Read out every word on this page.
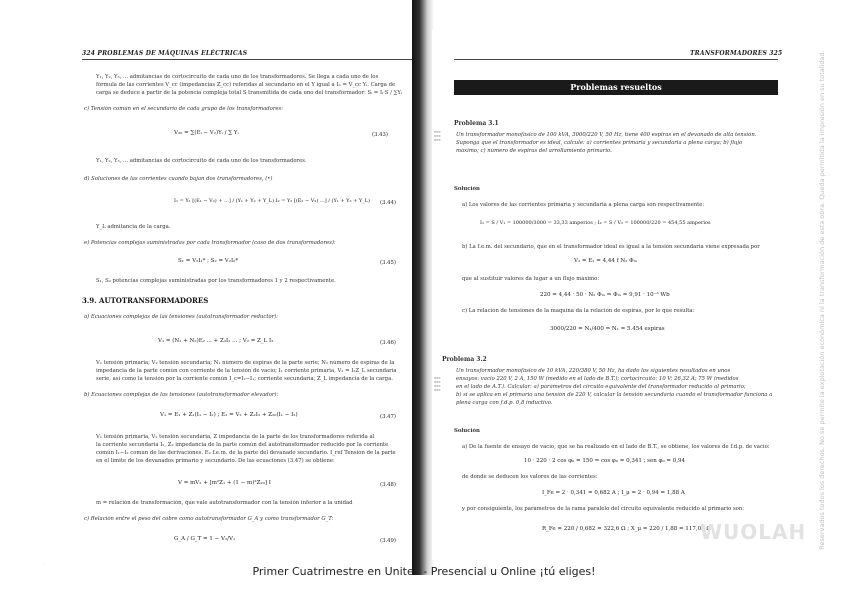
324 PROBLEMAS DE MÁQUINAS ELÉCTRICAS
Y₁, Y₂, Y₃, ... admitancias de cortocircuito de cada uno de los transformadores. Se llega a cada uno de los
fórmula de las corrientes V_cc (impedancias Z_cc) referidas al secundario en el Y igual a Iₙ = V_cc Yᵢ. Carga de
carga se deduce a partir de la potencia compleja total S transmitida de cada uno del transformador: Sᵢ = Iᵢ·S / ∑Yᵢ
c) Tensión común en el secundario de cada grupo de los transformadores:
V₂₀ = ∑(Eᵢ − V₂)Yᵢ / ∑ Yᵢ	(3.43)
Y₁, Y₂, Y₃, ... admitancias de cortocircuito de cada uno de los transformadores.
d) Soluciones de las corrientes cuando bajan dos transformadores, (•)
I₁ = Y₁ [(E₁ − V₂) + ...] / (Y₁ + Y₂ + Y_L) I₂ = Y₂ [(E₂ − V₂) ...] / (Y₁ + Y₂ + Y_L) (3.44)
Y_L admitancia de la carga.
e) Potencias complejas suministradas por cada transformador (caso de dos transformadores):
S₁ = V₂I₁* ; S₂ = V₂I₂*	(3.45)
S₁, S₂ potencias complejas suministradas por los transformadores 1 y 2 respectivamente.
3.9. AUTOTRANSFORMADORES
a) Ecuaciones complejas de las tensiones (autotransformador reductor):
V₁ = (N₁ + N₂)E₂ ... + Z₂I₂ ... ; V₂ = Z_L I₂	(3.46)
V₁ tensión primaria; V₂ tensión secundaria; N₁ número de espiras de la parte serie; N₂ número de espiras de la
impedancia de la parte común con corriente de la tensión de vacío; I₁ corriente primaria, V₂ = I₂Z_L secundaria
serie, así como la tensión por la corriente común I_c=I₂−I₁; corriente secundaria, Z_L impedancia de la carga.
b) Ecuaciones complejas de las tensiones (autotransformador elevador):
V₁ = E₁ + Z₁(I₁ − I₂) ; E₂ = V₂ + Z₂I₂ + Z₂₀(I₁ − I₂)	(3.47)
V₁ tensión primaria, V₂ tensión secundaria, Z impedancia de la parte de los transformadores referida al
la corriente secundaria I₂, Z₂ impedancia de la parte común del autotransformador reducido por la corriente
común I₁−I₂ común de las derivaciones. E₂ f.e.m. de la parte del devanado secundario. I_ref Tensión de la parte
en el límite de los devanados primario y secundario. De las ecuaciones (3.47) se obtiene:
V = mV₂ + [m²Z₁ + (1 − m)²Z₂₀] I	(3.48)
m = relación de transformación, que vale autotransformador con la tensión inferior a la unidad
c) Relación entre el peso del cobre como autotransformador G_A y como transformador G_T:
G_A / G_T = 1 − V₂/V₁	(3.49)
TRANSFORMADORES 325
Problemas resueltos
Problema 3.1
≈≈≈
≈≈≈
≈≈≈
Un transformador monofásico de 100 kVA, 3000/220 V, 50 Hz, tiene 400 espiras en el devanado de alta tensión.
Suponga que el transformador es ideal, calcule: a) corrientes primaria y secundaria a plena carga; b) flujo
máximo; c) número de espiras del arrollamiento primario.
Solución
a) Los valores de las corrientes primaria y secundaria a plena carga son respectivamente:
I₁ = S / V₁ = 100000/3000 = 33,33 amperios ; I₂ = S / V₂ = 100000/220 = 454,55 amperios
b) La f.e.m. del secundario, que en el transformador ideal es igual a la tensión secundaria viene expresada por
V₂ = E₂ = 4,44 f N₂ Φₘ
que al sustituir valores da lugar a un flujo máximo:
220 = 4,44 · 50 · N₂ Φₘ ⇒ Φₘ = 9,91 · 10⁻³ Wb
c) La relación de tensiones de la maquina da la relación de espiras, por lo que resulta:
3000/220 = N₁/400 ⇒ N₁ = 5.454 espiras
Problema 3.2
≈≈≈
≈≈≈
≈≈≈
≈≈≈
Un transformador monofásico de 10 kVA, 220/380 V, 50 Hz, ha dado los siguientes resultados en unos
ensayos: vacío 220 V, 2 A, 150 W (medido en el lado de B.T.); cortocircuito: 10 V; 26,32 A; 75 W (medidos
en el lado de A.T.). Calcular: a) parámetros del circuito equivalente del transformador reducido al primario;
b) si se aplica en el primario una tensión de 220 V, calcular la tensión secundaria cuando el transformador funciona a
plena carga con f.d.p. 0,8 inductivo.
Solución
a) De la fuente de ensayo de vacío, que se ha realizado en el lado de B.T., se obtiene, los valores de f.d.p. de vacío:
10 · 220 · 2 cos φ₀ = 150 ⇒ cos φ₀ = 0,341 ; sen φ₀ = 0,94
de donde se deducen los valores de las corrientes:
I_Fe = 2 · 0,341 = 0,682 A ; I_μ = 2 · 0,94 = 1,88 A
y por consiguiente, los parámetros de la rama paralelo del circuito equivalente reducido al primario son:
R_Fe = 220 / 0,682 = 322,6 Ω ; X_μ = 220 / 1,88 = 117,02 Ω
WUOLAH Reservados todos los derechos. No se permite la explotación económica ni la transformación de esta obra. Queda permitida la impresión en su totalidad.
·
Primer Cuatrimestre en Unitec - Presencial u Online ¡tú eliges!
